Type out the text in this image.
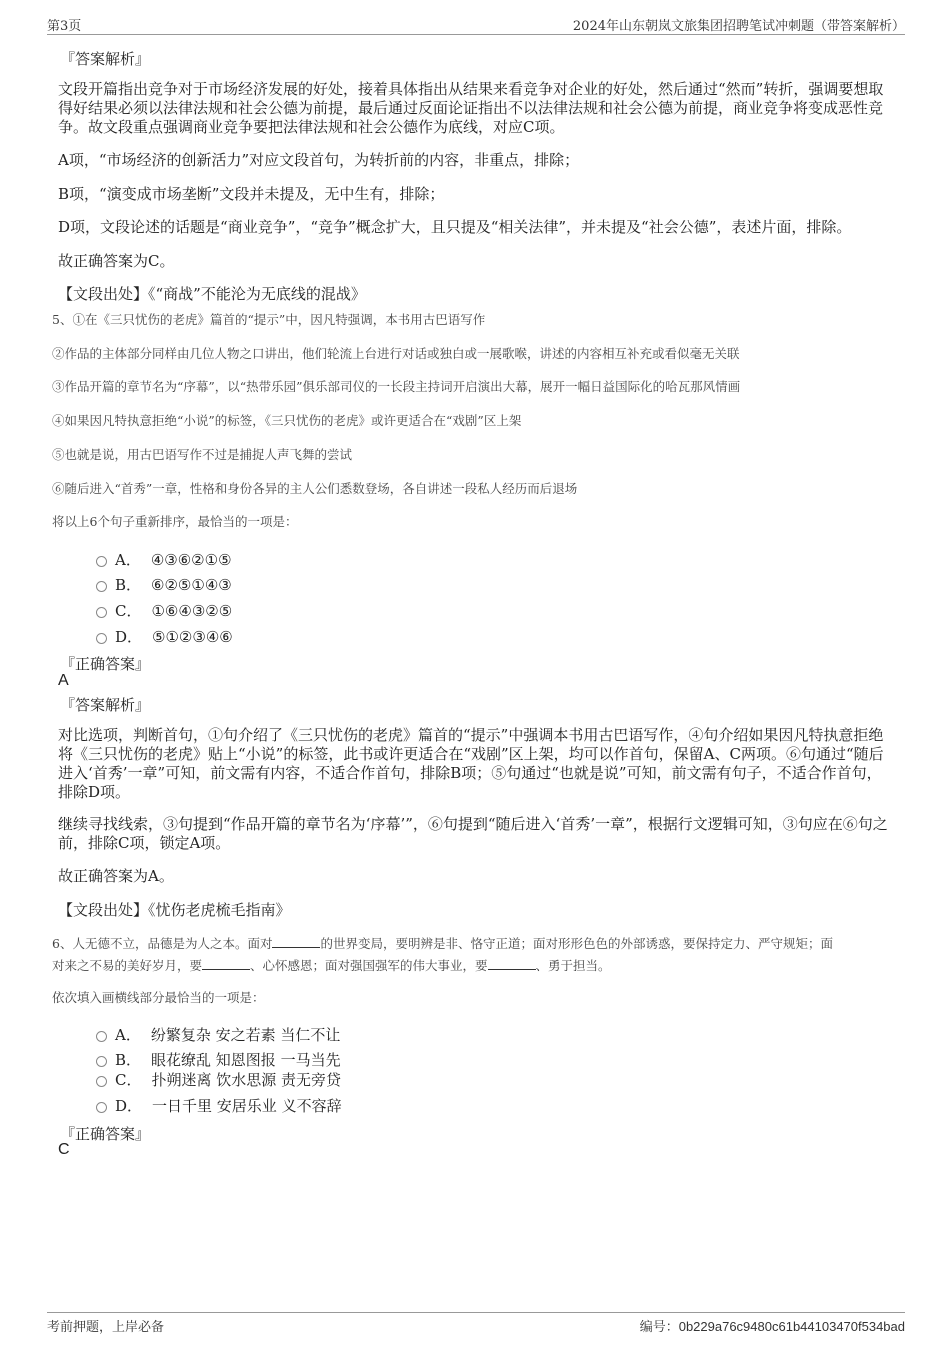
第3页	2024年山东朝岚文旅集团招聘笔试冲刺题（带答案解析）
『答案解析』
文段开篇指出竞争对于市场经济发展的好处，接着具体指出从结果来看竞争对企业的好处，然后通过“然而”转折，强调要想取得好结果必须以法律法规和社会公德为前提，最后通过反面论证指出不以法律法规和社会公德为前提，商业竞争将变成恶性竞争。故文段重点强调商业竞争要把法律法规和社会公德作为底线，对应C项。
A项，“市场经济的创新活力”对应文段首句，为转折前的内容，非重点，排除；
B项，“演变成市场垄断”文段并未提及，无中生有，排除；
D项，文段论述的话题是“商业竞争”，“竞争”概念扩大，且只提及“相关法律”，并未提及“社会公德”，表述片面，排除。
故正确答案为C。
【文段出处】《“商战”不能沦为无底线的混战》
5、①在《三只忧伤的老虎》篇首的“提示”中，因凡特强调，本书用古巴语写作
②作品的主体部分同样由几位人物之口讲出，他们轮流上台进行对话或独白或一展歌喉，讲述的内容相互补充或看似毫无关联
③作品开篇的章节名为“序幕”，以“热带乐园”俱乐部司仪的一长段主持词开启演出大幕，展开一幅日益国际化的哈瓦那风情画
④如果因凡特执意拒绝“小说”的标签，《三只忧伤的老虎》或许更适合在“戏剧”区上架
⑤也就是说，用古巴语写作不过是捕捉人声飞舞的尝试
⑥随后进入“首秀”一章，性格和身份各异的主人公们悉数登场，各自讲述一段私人经历而后退场
将以上6个句子重新排序，最恰当的一项是：
A． ④③⑥②①⑤
B． ⑥②⑤①④③
C． ①⑥④③②⑤
D． ⑤①②③④⑥
『正确答案』
A
『答案解析』
对比选项，判断首句，①句介绍了《三只忧伤的老虎》篇首的“提示”中强调本书用古巴语写作，④句介绍如果因凡特执意拒绝将《三只忧伤的老虎》贴上“小说”的标签，此书或许更适合在“戏剧”区上架，均可以作首句，保留A、C两项。⑥句通过“随后进入‘首秀’一章”可知，前文需有内容，不适合作首句，排除B项；⑤句通过“也就是说”可知，前文需有句子，不适合作首句，排除D项。
继续寻找线索，③句提到“作品开篇的章节名为‘序幕’”，⑥句提到“随后进入‘首秀’一章”，根据行文逻辑可知，③句应在⑥句之前，排除C项，锁定A项。
故正确答案为A。
【文段出处】《忧伤老虎梳毛指南》
6、人无德不立，品德是为人之本。面对	的世界变局，要明辨是非、恪守正道；面对形形色色的外部诱惑，要保持定力、严守规矩；面
对来之不易的美好岁月，要	、心怀感恩；面对强国强军的伟大事业，要	、勇于担当。
依次填入画横线部分最恰当的一项是：
A． 纷繁复杂 安之若素 当仁不让
B． 眼花缭乱 知恩图报 一马当先
C． 扑朔迷离 饮水思源 责无旁贷
D． 一日千里 安居乐业 义不容辞
『正确答案』
C
考前押题，上岸必备	编号：0b229a76c9480c61b44103470f534bad
